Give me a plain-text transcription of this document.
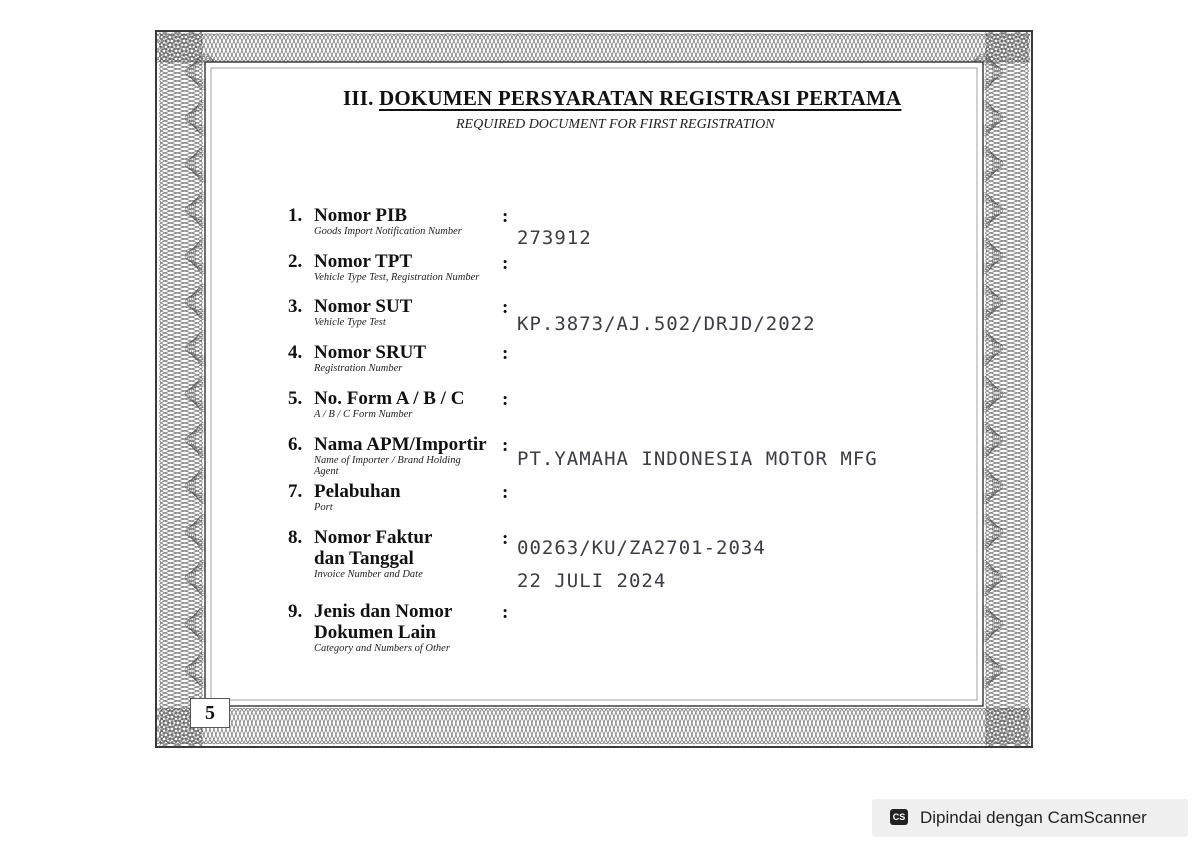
III. DOKUMEN PERSYARATAN REGISTRASI PERTAMA
REQUIRED DOCUMENT FOR FIRST REGISTRATION
1. Nomor PIB
Goods Import Notification Number
:
273912
2. Nomor TPT
Vehicle Type Test, Registration Number
:
3. Nomor SUT
Vehicle Type Test
:
KP.3873/AJ.502/DRJD/2022
4. Nomor SRUT
Registration Number
:
5. No. Form A / B / C
A / B / C Form Number
:
6. Nama APM/Importir
Name of Importer / Brand Holding
Agent
:
PT.YAMAHA INDONESIA MOTOR MFG
7. Pelabuhan
Port
:
8. Nomor Faktur
dan Tanggal
Invoice Number and Date
: 00263/KU/ZA2701-2034
22 JULI 2024
9. Jenis dan Nomor
Dokumen Lain
Category and Numbers of Other
:
5
CS Dipindai dengan CamScanner
